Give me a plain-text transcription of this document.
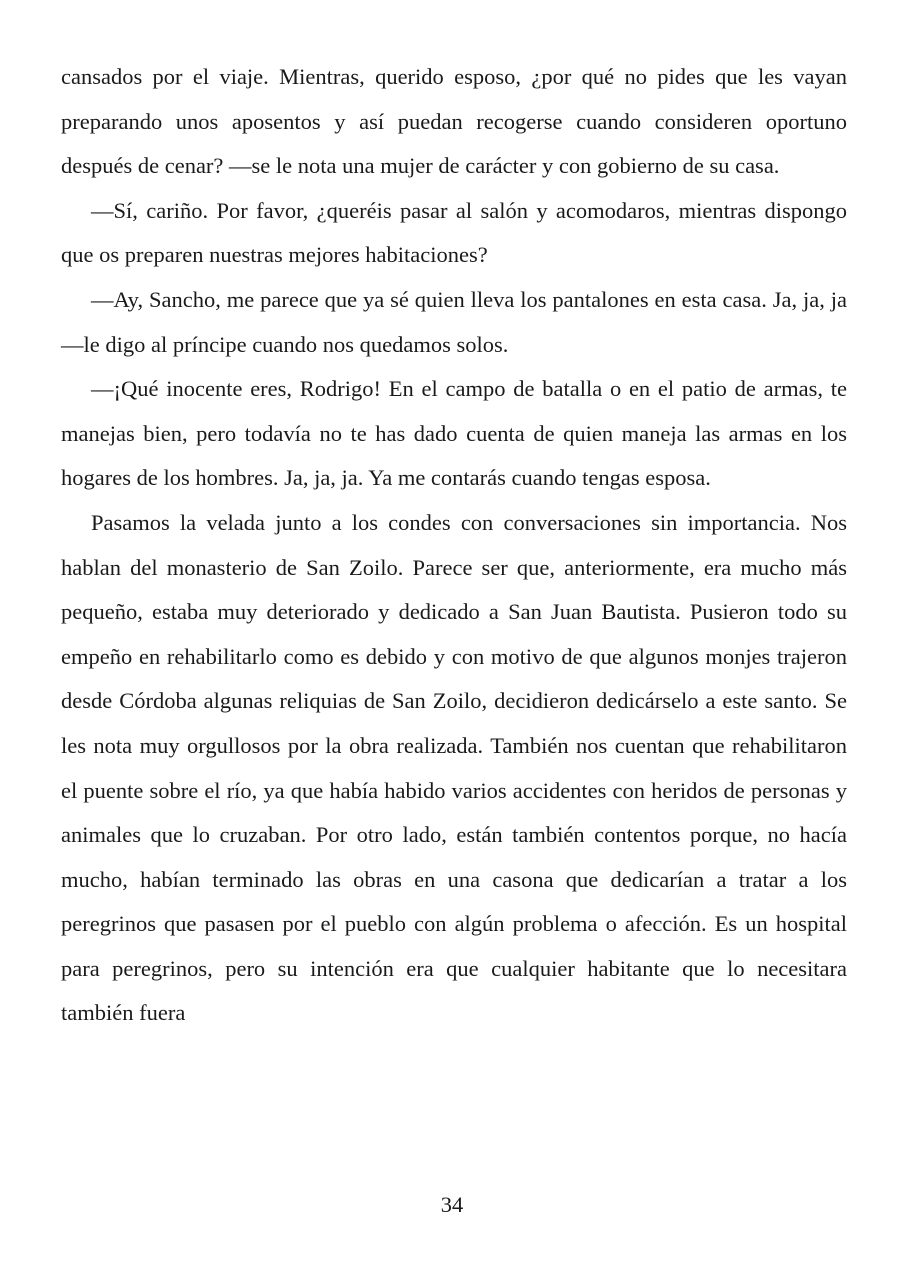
cansados por el viaje. Mientras, querido esposo, ¿por qué no pides que les vayan preparando unos aposentos y así puedan recogerse cuando consideren oportuno después de cenar? —se le nota una mujer de carácter y con gobierno de su casa.

—Sí, cariño. Por favor, ¿queréis pasar al salón y acomodaros, mientras dispongo que os preparen nuestras mejores habitaciones?

—Ay, Sancho, me parece que ya sé quien lleva los pantalones en esta casa. Ja, ja, ja —le digo al príncipe cuando nos quedamos solos.

—¡Qué inocente eres, Rodrigo! En el campo de batalla o en el patio de armas, te manejas bien, pero todavía no te has dado cuenta de quien maneja las armas en los hogares de los hombres. Ja, ja, ja. Ya me contarás cuando tengas esposa.

Pasamos la velada junto a los condes con conversaciones sin importancia. Nos hablan del monasterio de San Zoilo. Parece ser que, anteriormente, era mucho más pequeño, estaba muy deteriorado y dedicado a San Juan Bautista. Pusieron todo su empeño en rehabilitarlo como es debido y con motivo de que algunos monjes trajeron desde Córdoba algunas reliquias de San Zoilo, decidieron dedicárselo a este santo. Se les nota muy orgullosos por la obra realizada. También nos cuentan que rehabilitaron el puente sobre el río, ya que había habido varios accidentes con heridos de personas y animales que lo cruzaban. Por otro lado, están también contentos porque, no hacía mucho, habían terminado las obras en una casona que dedicarían a tratar a los peregrinos que pasasen por el pueblo con algún problema o afección. Es un hospital para peregrinos, pero su intención era que cualquier habitante que lo necesitara también fuera

34
